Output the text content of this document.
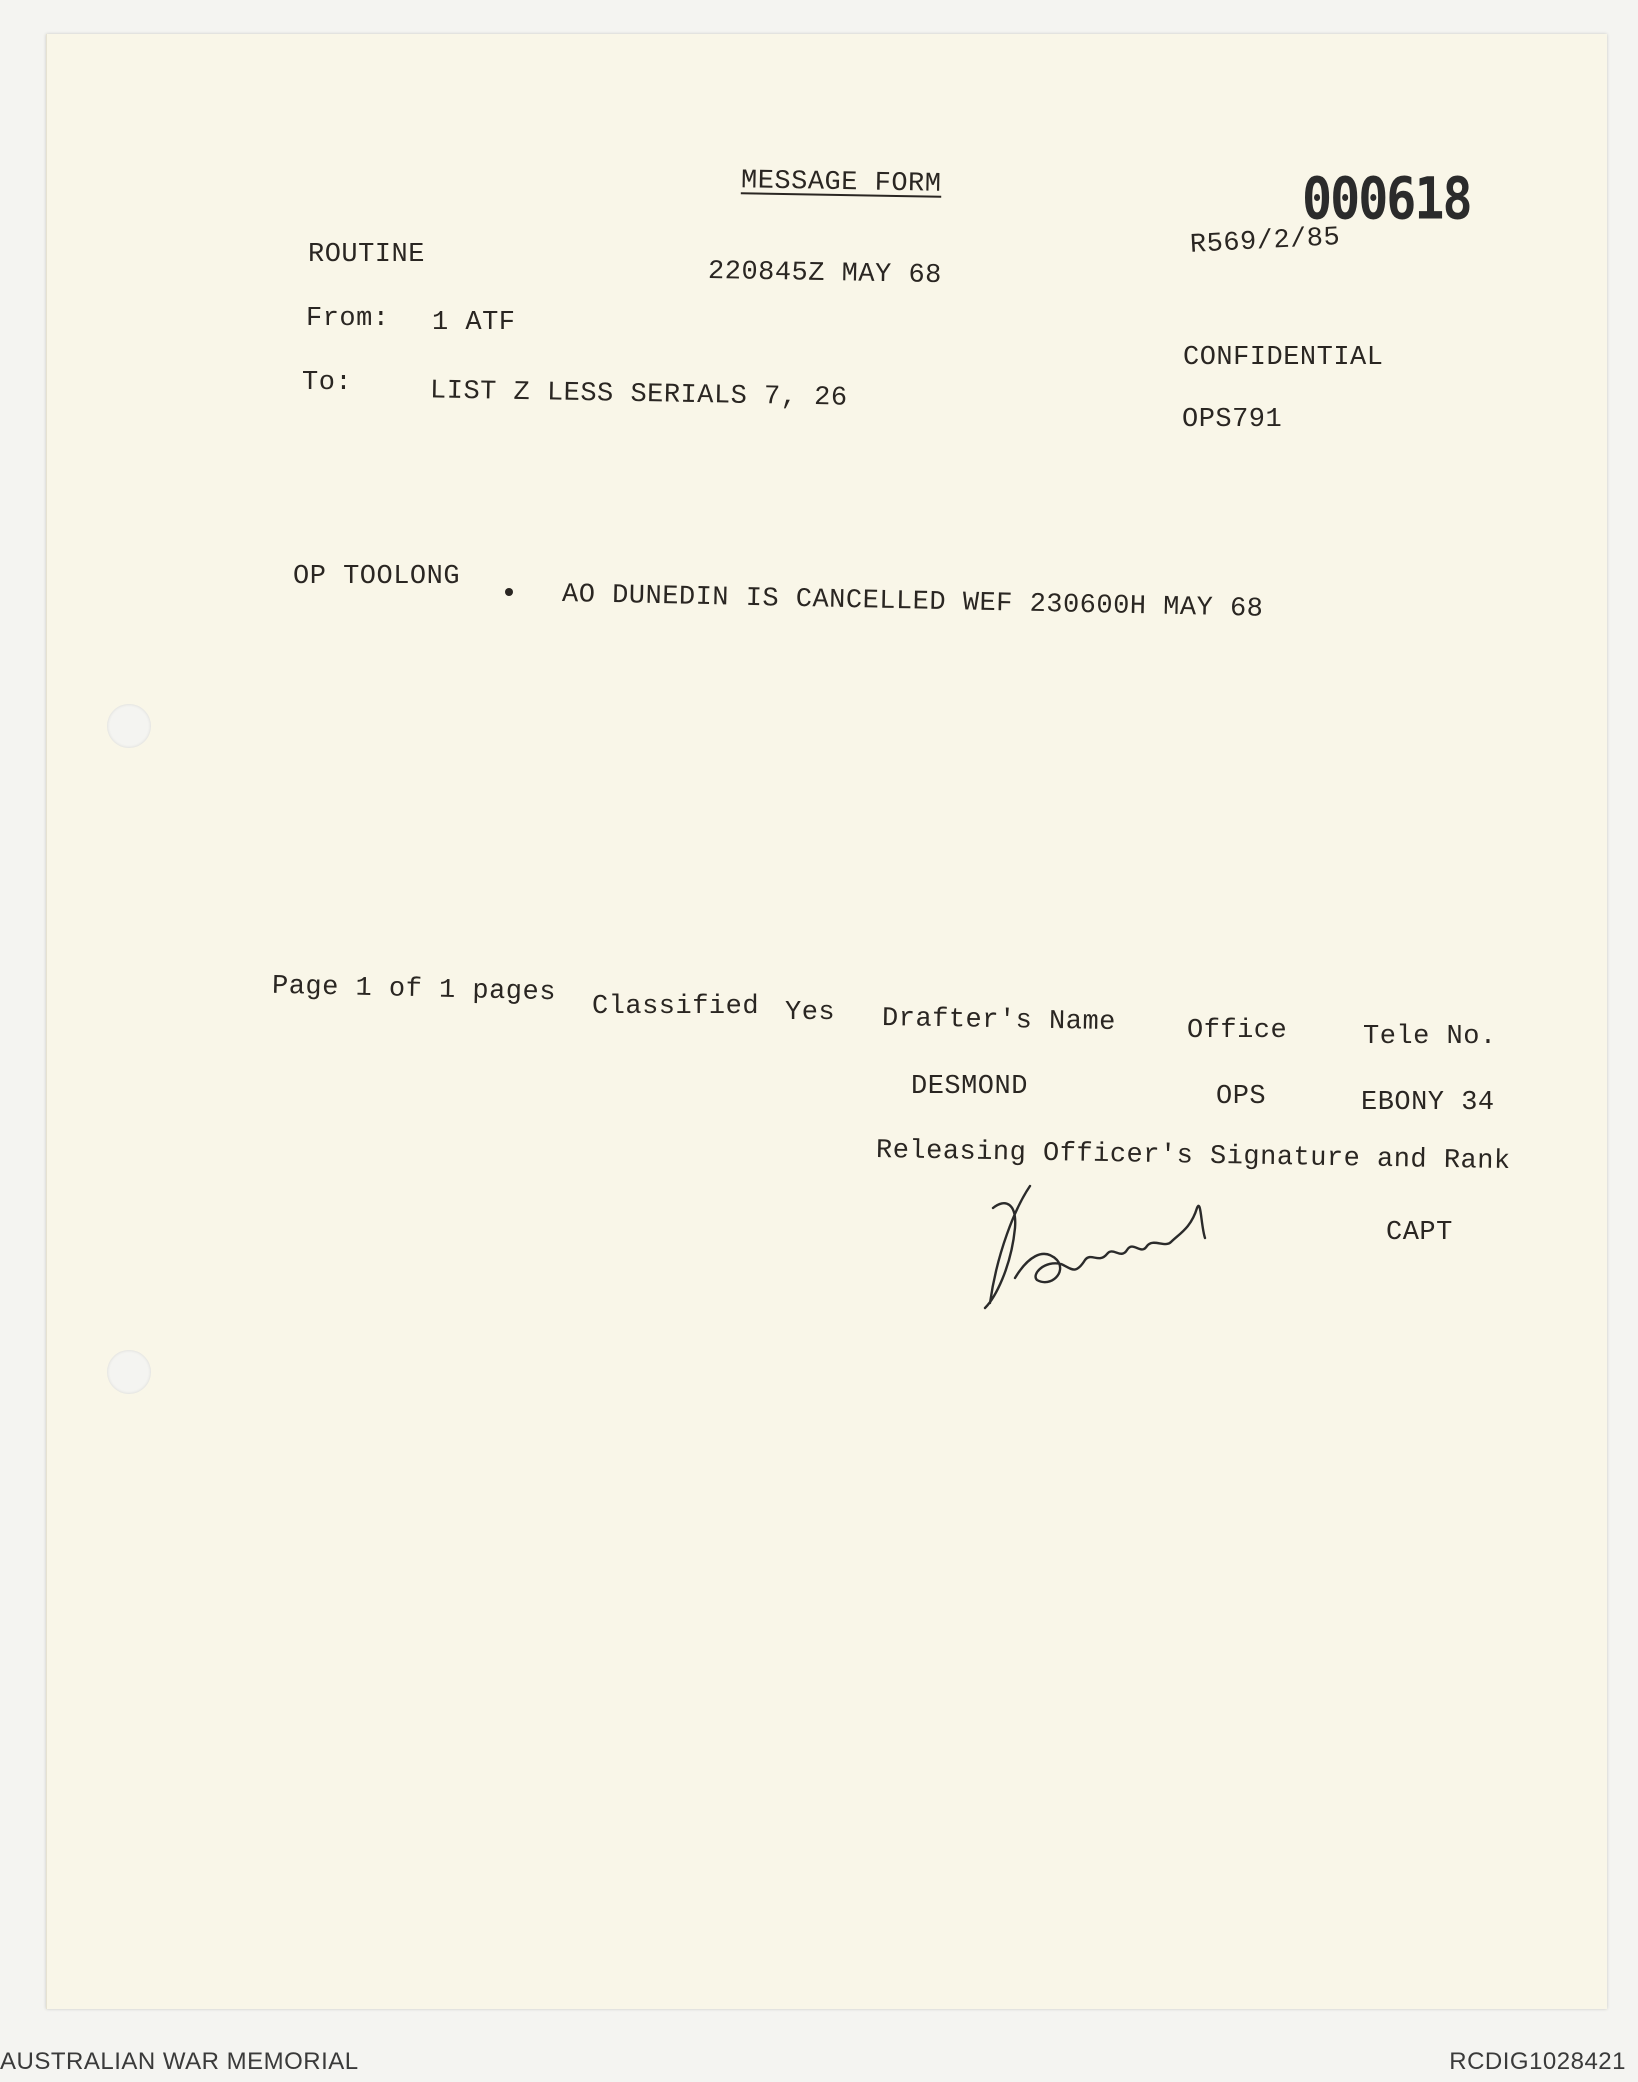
MESSAGE FORM	000618
R569/2/85
ROUTINE
220845Z MAY 68
From: 1 ATF
CONFIDENTIAL
To:	LIST Z LESS SERIALS 7, 26
OPS791
OP TOOLONG
AO DUNEDIN IS CANCELLED WEF 230600H MAY 68
Page 1 of 1 pages Classified Yes Drafter's Name	Office	Tele No.
DESMOND	OPS	EBONY 34
Releasing Officer's Signature and Rank
CAPT
AUSTRALIAN WAR MEMORIAL	RCDIG1028421
